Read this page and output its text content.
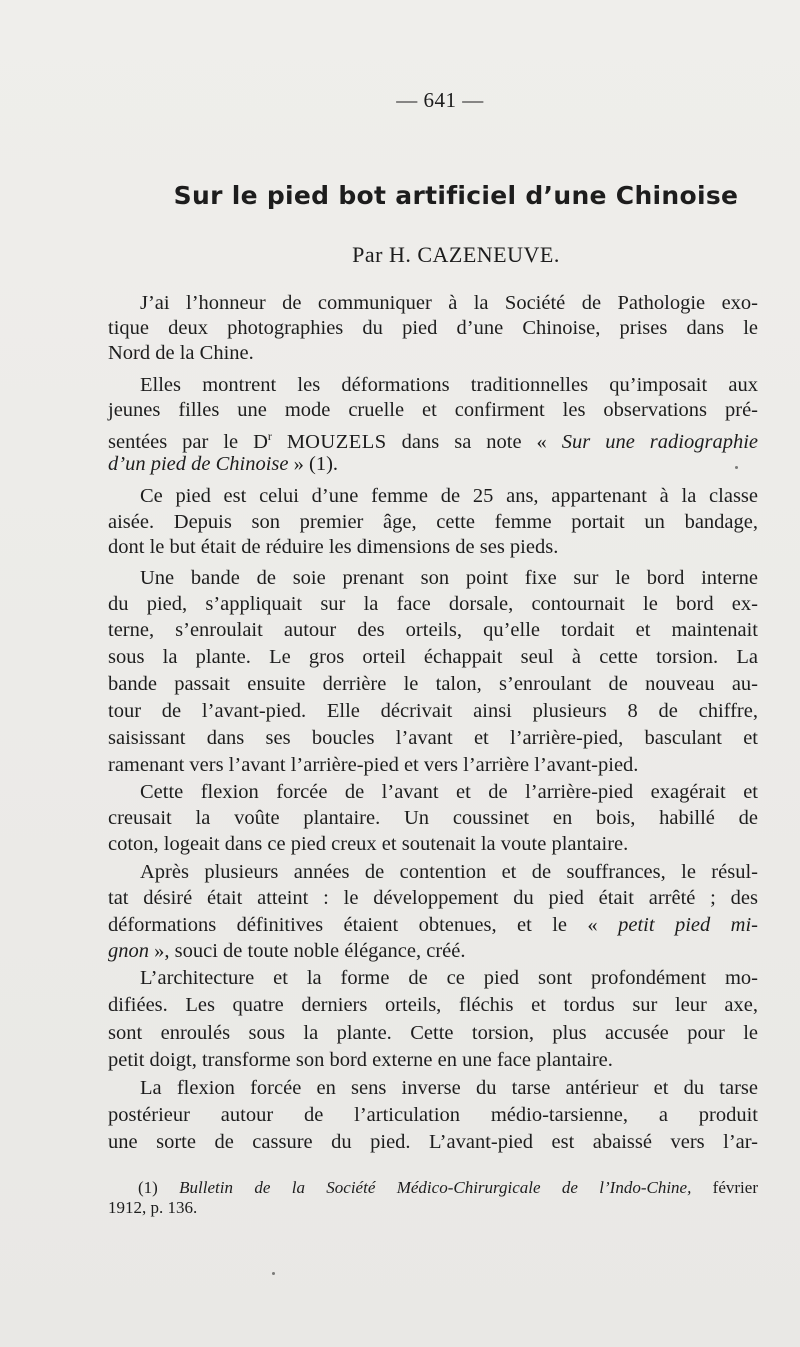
— 641 —
Sur le pied bot artificiel d’une Chinoise
Par H. CAZENEUVE.
J’ai l’honneur de communiquer à la Société de Pathologie exo-
tique deux photographies du pied d’une Chinoise, prises dans le
Nord de la Chine.
Elles montrent les déformations traditionnelles qu’imposait aux
jeunes filles une mode cruelle et confirment les observations pré-
sentées par le $D^r$ MOUZELS dans sa note « Sur une radiographie
d’un pied de Chinoise » (1).
Ce pied est celui d’une femme de 25 ans, appartenant à la classe
aisée. Depuis son premier âge, cette femme portait un bandage,
dont le but était de réduire les dimensions de ses pieds.
Une bande de soie prenant son point fixe sur le bord interne
du pied, s’appliquait sur la face dorsale, contournait le bord ex-
terne, s’enroulait autour des orteils, qu’elle tordait et maintenait
sous la plante. Le gros orteil échappait seul à cette torsion. La
bande passait ensuite derrière le talon, s’enroulant de nouveau au-
tour de l’avant-pied. Elle décrivait ainsi plusieurs 8 de chiffre,
saisissant dans ses boucles l’avant et l’arrière-pied, basculant et
ramenant vers l’avant l’arrière-pied et vers l’arrière l’avant-pied.
Cette flexion forcée de l’avant et de l’arrière-pied exagérait et
creusait la voûte plantaire. Un coussinet en bois, habillé de
coton, logeait dans ce pied creux et soutenait la voute plantaire.
Après plusieurs années de contention et de souffrances, le résul-
tat désiré était atteint : le développement du pied était arrêté ; des
déformations définitives étaient obtenues, et le « petit pied mi-
gnon », souci de toute noble élégance, créé.
L’architecture et la forme de ce pied sont profondément mo-
difiées. Les quatre derniers orteils, fléchis et tordus sur leur axe,
sont enroulés sous la plante. Cette torsion, plus accusée pour le
petit doigt, transforme son bord externe en une face plantaire.
La flexion forcée en sens inverse du tarse antérieur et du tarse
postérieur autour de l’articulation médio-tarsienne, a produit
une sorte de cassure du pied. L’avant-pied est abaissé vers l’ar-
(1) Bulletin de la Société Médico-Chirurgicale de l’Indo-Chine, février
1912, p. 136.
